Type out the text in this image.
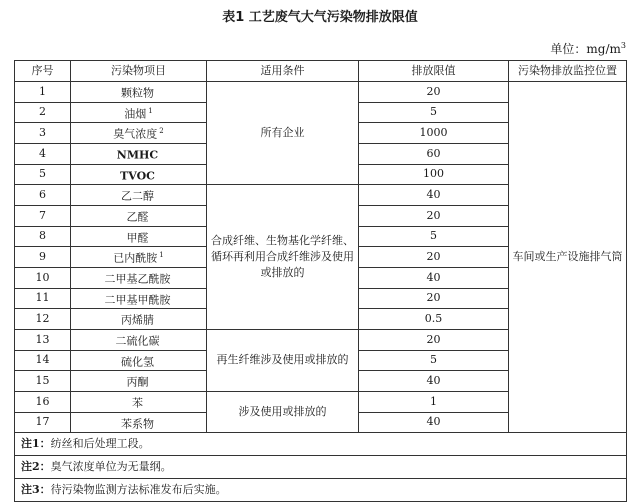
表1 工艺废气大气污染物排放限值
单位：$mg/m^3$
序号	污染物项目	适用条件	排放限值	污染物排放监控位置
1	颗粒物	所有企业	20	车间或生产设施排气筒
2	油烟 $^1$		5	
3	臭气浓度 $^2$		1000	
4	NMHC		60	
5	TVOC		100	
6	乙二醇	合成纤维、生物基化学纤维、循环再利用合成纤维涉及使用或排放的	40	
7	乙醛		20	
8	甲醛		5	
9	已内酰胺 $^1$		20	
10	二甲基乙酰胺		40	
11	二甲基甲酰胺		20	
12	丙烯腈		0.5	
13	二硫化碳	再生纤维涉及使用或排放的	20	
14	硫化氢		5	
15	丙酮		40	
16	苯	涉及使用或排放的	1	
17	苯系物		40	
注1：纺丝和后处理工段。				
注2：臭气浓度单位为无量纲。				
注3：待污染物监测方法标准发布后实施。				
